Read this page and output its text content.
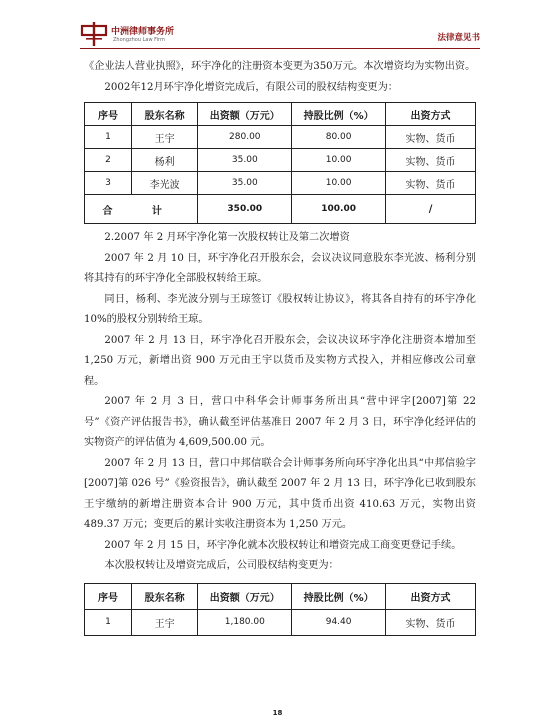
中洲律师事务所
Zhongzhou Law Firm	法律意见书

《企业法人营业执照》，环宇净化的注册资本变更为350万元。本次增资均为实物出资。

2002年12月环宇净化增资完成后，有限公司的股权结构变更为：

序号	股东名称	出资额（万元）	持股比例（%）	出资方式
1	王宇	280.00	80.00	实物、货币
2	杨利	35.00	10.00	实物、货币
3	李光波	35.00	10.00	实物、货币
合 计		350.00	100.00	/

2.2007 年 2 月环宇净化第一次股权转让及第二次增资

2007 年 2 月 10 日，环宇净化召开股东会，会议决议同意股东李光波、杨利分别将其持有的环宇净化全部股权转给王琼。

同日，杨利、李光波分别与王琼签订《股权转让协议》，将其各自持有的环宇净化 10%的股权分别转给王琼。

2007 年 2 月 13 日，环宇净化召开股东会，会议决议环宇净化注册资本增加至 1,250 万元，新增出资 900 万元由王宇以货币及实物方式投入，并相应修改公司章程。

2007 年 2 月 3 日，营口中科华会计师事务所出具“营中评字[2007]第 22 号”《资产评估报告书》，确认截至评估基准日 2007 年 2 月 3 日，环宇净化经评估的实物资产的评估值为 4,609,500.00 元。

2007 年 2 月 13 日，营口中邦信联合会计师事务所向环宇净化出具“中邦信验字[2007]第 026 号”《验资报告》，确认截至 2007 年 2 月 13 日，环宇净化已收到股东王宇缴纳的新增注册资本合计 900 万元，其中货币出资 410.63 万元，实物出资 489.37 万元；变更后的累计实收注册资本为 1,250 万元。

2007 年 2 月 15 日，环宇净化就本次股权转让和增资完成工商变更登记手续。

本次股权转让及增资完成后，公司股权结构变更为：

序号	股东名称	出资额（万元）	持股比例（%）	出资方式
1	王宇	1,180.00	94.40	实物、货币
18
